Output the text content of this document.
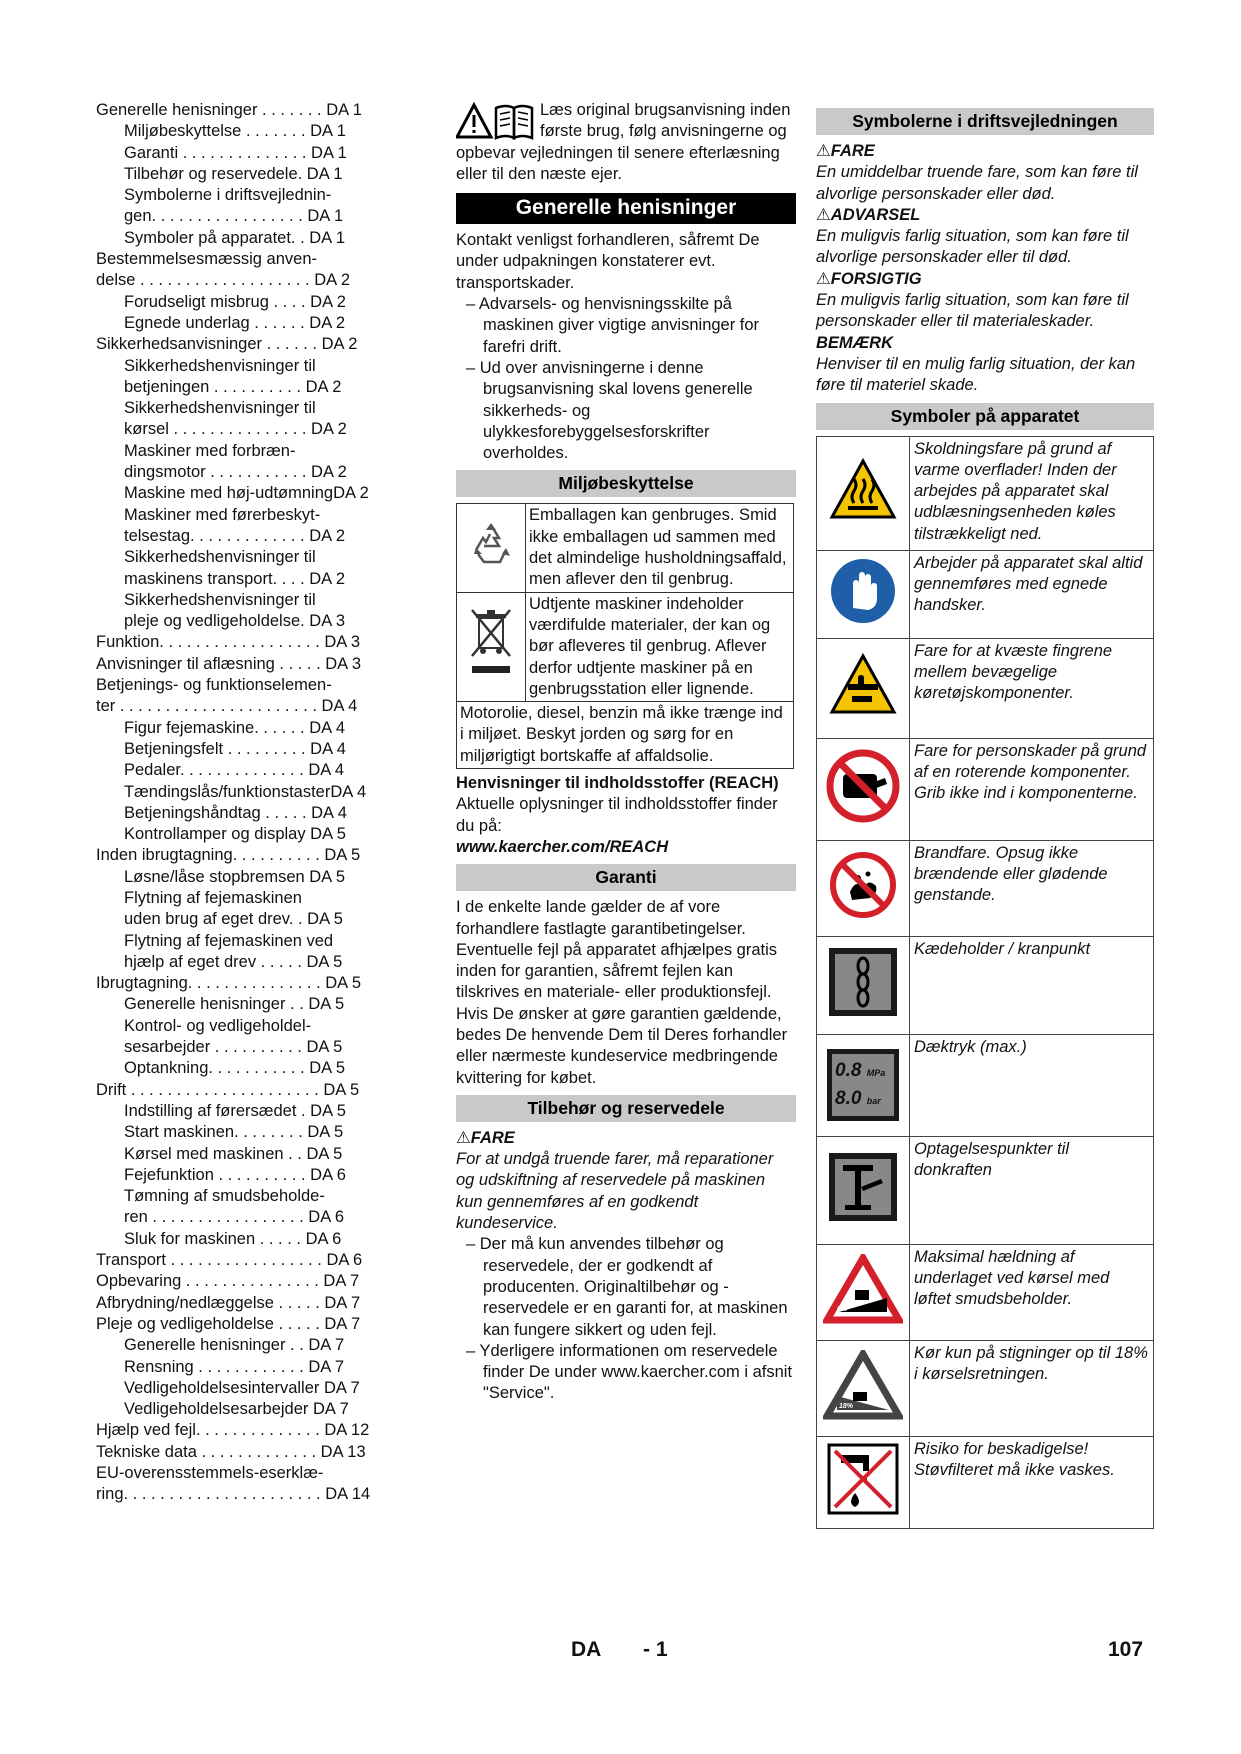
Generelle henisninger . . . . . . . DA 1
Miljøbeskyttelse . . . . . . . DA 1
Garanti . . . . . . . . . . . . . . DA 1
Tilbehør og reservedele. DA 1
Symbolerne i driftsvejlednin-
gen. . . . . . . . . . . . . . . . . DA 1
Symboler på apparatet. . DA 1
Bestemmelsesmæssig anven-
delse . . . . . . . . . . . . . . . . . . . DA 2
Forudseligt misbrug . . . . DA 2
Egnede underlag . . . . . . DA 2
Sikkerhedsanvisninger . . . . . . DA 2
Sikkerhedshenvisninger til
betjeningen . . . . . . . . . . DA 2
Sikkerhedshenvisninger til
kørsel . . . . . . . . . . . . . . . DA 2
Maskiner med forbræn-
dingsmotor . . . . . . . . . . . DA 2
Maskine med høj-udtømningDA 2
Maskiner med førerbeskyt-
telsestag. . . . . . . . . . . . . DA 2
Sikkerhedshenvisninger til
maskinens transport. . . . DA 2
Sikkerhedshenvisninger til
pleje og vedligeholdelse. DA 3
Funktion. . . . . . . . . . . . . . . . . . DA 3
Anvisninger til aflæsning . . . . . DA 3
Betjenings- og funktionselemen-
ter . . . . . . . . . . . . . . . . . . . . . . DA 4
Figur fejemaskine. . . . . . DA 4
Betjeningsfelt . . . . . . . . . DA 4
Pedaler. . . . . . . . . . . . . . DA 4
Tændingslås/funktionstasterDA 4
Betjeningshåndtag . . . . . DA 4
Kontrollamper og display DA 5
Inden ibrugtagning. . . . . . . . . . DA 5
Løsne/låse stopbremsen DA 5
Flytning af fejemaskinen
uden brug af eget drev. . DA 5
Flytning af fejemaskinen ved
hjælp af eget drev . . . . . DA 5
Ibrugtagning. . . . . . . . . . . . . . . DA 5
Generelle henisninger . . DA 5
Kontrol- og vedligeholdel-
sesarbejder . . . . . . . . . . DA 5
Optankning. . . . . . . . . . . DA 5
Drift . . . . . . . . . . . . . . . . . . . . . DA 5
Indstilling af førersædet . DA 5
Start maskinen. . . . . . . . DA 5
Kørsel med maskinen . . DA 5
Fejefunktion . . . . . . . . . . DA 6
Tømning af smudsbeholde-
ren . . . . . . . . . . . . . . . . . DA 6
Sluk for maskinen . . . . . DA 6
Transport . . . . . . . . . . . . . . . . . DA 6
Opbevaring . . . . . . . . . . . . . . . DA 7
Afbrydning/nedlæggelse . . . . . DA 7
Pleje og vedligeholdelse . . . . . DA 7
Generelle henisninger . . DA 7
Rensning . . . . . . . . . . . . DA 7
Vedligeholdelsesintervaller DA 7
Vedligeholdelsesarbejder DA 7
Hjælp ved fejl. . . . . . . . . . . . . . DA 12
Tekniske data . . . . . . . . . . . . . DA 13
EU-overensstemmels-eserklæ-
ring. . . . . . . . . . . . . . . . . . . . . . DA 14

Læs original brugsanvisning inden første brug, følg anvisningerne og opbevar vejledningen til senere efterlæsning eller til den næste ejer.

Generelle henisninger

Kontakt venligst forhandleren, såfremt De under udpakningen konstaterer evt. transportskader.

– Advarsels- og henvisningsskilte på maskinen giver vigtige anvisninger for farefri drift.

– Ud over anvisningerne i denne brugsanvisning skal lovens generelle sikkerheds- og ulykkesforebyggelsesforskrifter overholdes.

Miljøbeskyttelse
	Emballagen kan genbruges. Smid ikke emballagen ud sammen med det almindelige husholdningsaffald, men aflever den til genbrug.
	Udtjente maskiner indeholder værdifulde materialer, der kan og bør afleveres til genbrug. Aflever derfor udtjente maskiner på en genbrugsstation eller lignende.
Motorolie, diesel, benzin må ikke trænge ind i miljøet. Beskyt jorden og sørg for en miljørigtigt bortskaffe af affaldsolie.	

Henvisninger til indholdsstoffer (REACH)

Aktuelle oplysninger til indholdsstoffer finder du på:

www.kaercher.com/REACH

Garanti

I de enkelte lande gælder de af vore forhandlere fastlagte garantibetingelser. Eventuelle fejl på apparatet afhjælpes gratis inden for garantien, såfremt fejlen kan tilskrives en materiale- eller produktionsfejl. Hvis De ønsker at gøre garantien gældende, bedes De henvende Dem til Deres forhandler eller nærmeste kundeservice medbringende kvittering for købet.

Tilbehør og reservedele

⚠FARE

For at undgå truende farer, må reparationer og udskiftning af reservedele på maskinen kun gennemføres af en godkendt kundeservice.

– Der må kun anvendes tilbehør og reservedele, der er godkendt af producenten. Originaltilbehør og -reservedele er en garanti for, at maskinen kan fungere sikkert og uden fejl.

– Yderligere informationen om reservedele finder De under www.kaercher.com i afsnit "Service".

Symbolerne i driftsvejledningen

⚠FARE

En umiddelbar truende fare, som kan føre til alvorlige personskader eller død.

⚠ADVARSEL

En muligvis farlig situation, som kan føre til alvorlige personskader eller til død.

⚠FORSIGTIG

En muligvis farlig situation, som kan føre til personskader eller til materialeskader.

BEMÆRK

Henviser til en mulig farlig situation, der kan føre til materiel skade.

Symboler på apparatet
	Skoldningsfare på grund af varme overflader! Inden der arbejdes på apparatet skal udblæsningsenheden køles tilstrækkeligt ned.
	Arbejder på apparatet skal altid gennemføres med egnede handsker.
	Fare for at kvæste fingrene mellem bevægelige køretøjskomponenter.
	Fare for personskader på grund af en roterende komponenter. Grib ikke ind i komponenterne.
	Brandfare. Opsug ikke brændende eller glødende genstande.
	Kædeholder / kranpunkt

0.8 MPa
8.0 bar	Dæktryk (max.)
	Optagelsespunkter til donkraften

6%	Maksimal hældning af underlaget ved kørsel med løftet smudsbeholder.

18%	Kør kun på stigninger op til 18% i kørselsretningen.
	Risiko for beskadigelse! Støvfilteret må ikke vaskes.
DA - 1	107
